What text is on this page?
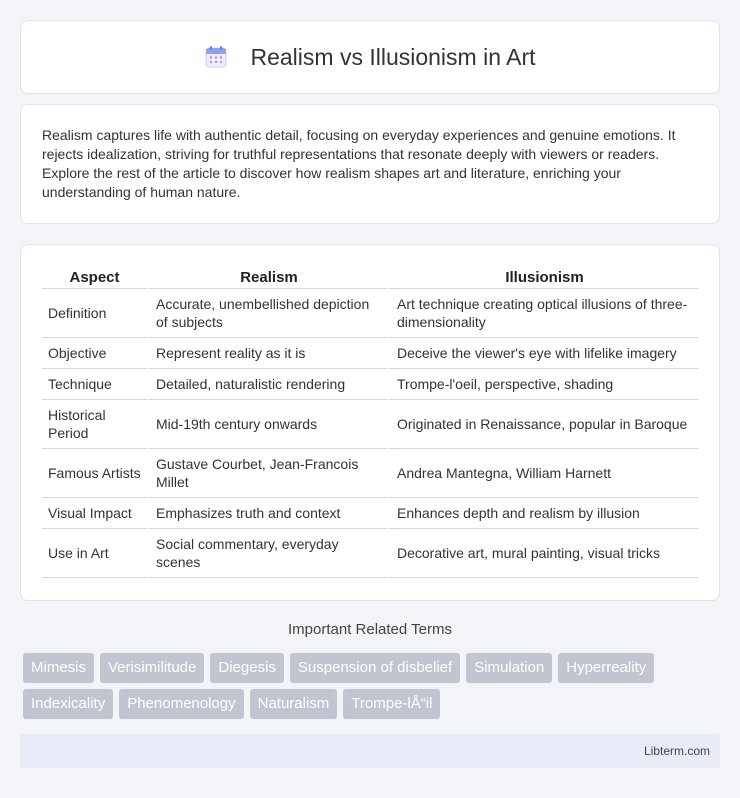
Realism vs Illusionism in Art

Realism captures life with authentic detail, focusing on everyday experiences and genuine emotions. It rejects idealization, striving for truthful representations that resonate deeply with viewers or readers. Explore the rest of the article to discover how realism shapes art and literature, enriching your understanding of human nature.

Aspect	Realism	Illusionism
Definition	Accurate, unembellished depiction of subjects	Art technique creating optical illusions of three-dimensionality
Objective	Represent reality as it is	Deceive the viewer's eye with lifelike imagery
Technique	Detailed, naturalistic rendering	Trompe-l'oeil, perspective, shading
Historical Period	Mid-19th century onwards	Originated in Renaissance, popular in Baroque
Famous Artists	Gustave Courbet, Jean-Francois Millet	Andrea Mantegna, William Harnett
Visual Impact	Emphasizes truth and context	Enhances depth and realism by illusion
Use in Art	Social commentary, everyday scenes	Decorative art, mural painting, visual tricks
Important Related Terms
Mimesis	Verisimilitude	Diegesis	Suspension of disbelief	Simulation	Hyperreality
Indexicality	Phenomenology	Naturalism	Trompe-lÅ“il
Libterm.com
